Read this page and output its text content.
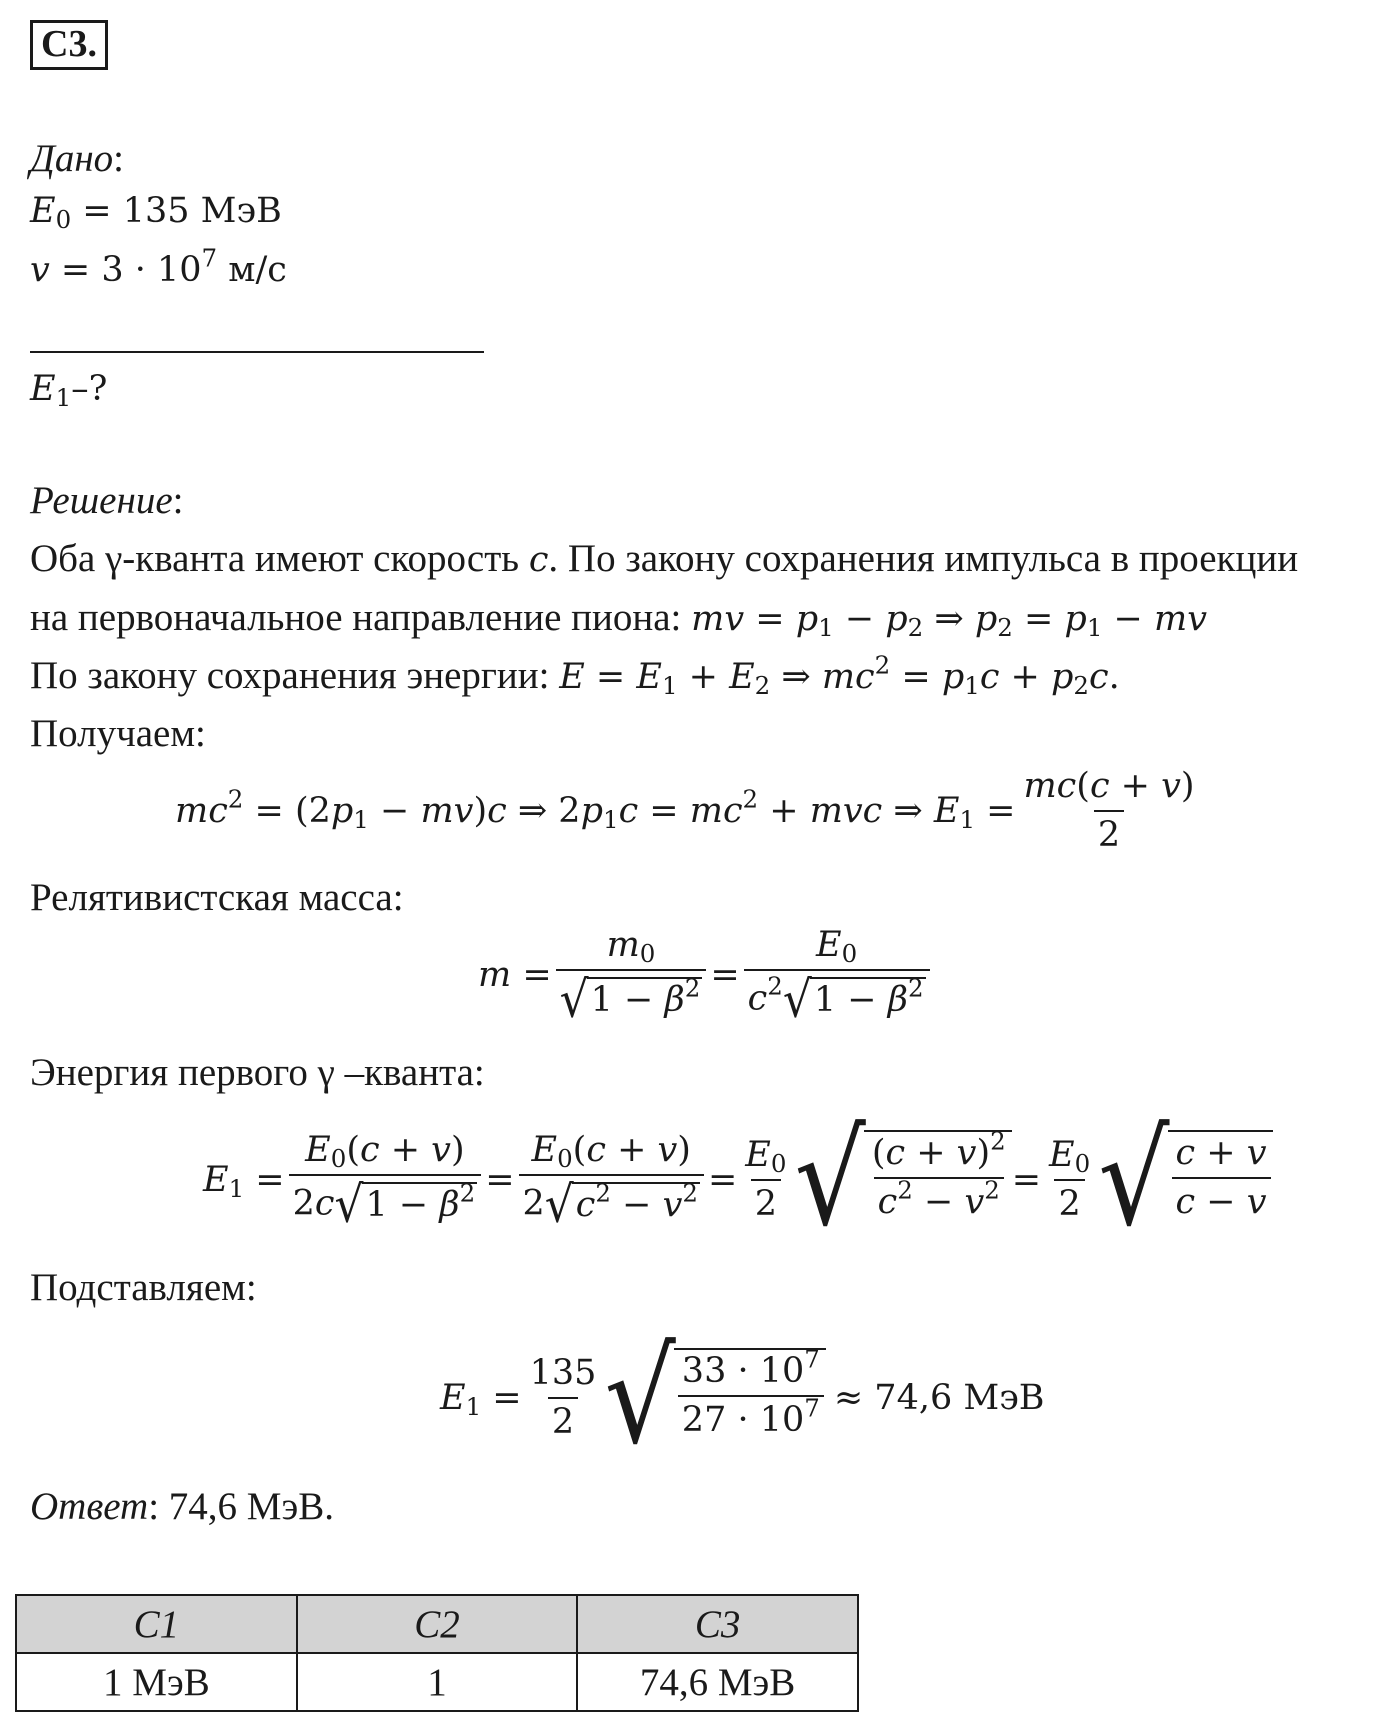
С3.
Дано:
$E_0 = 135$ МэВ
$v = 3 \cdot 10^7$ м/с
$E_1-$?
Решение:
Оба γ-кванта имеют скорость c. По закону сохранения импульса в проекции
на первоначальное направление пиона: mv = $p_1 - p_2$ ⇒ $p_2 = p_1$ − mv
По закону сохранения энергии: $E = E_1 + E_2$ ⇒ $mc^2 = p_1c + p_2c$.
Получаем:
$mc^2 = (2p_1 - mv)c$ ⇒ $2p_1c = mc^2$ + mvc ⇒ $E_1 = \frac{mc(c + v)}{2}$
Релятивистская масса:
$m = \frac{m_0}{√ 1 - \beta^2} = \frac{E_0}{c^2 √ 1 - \beta^2}$
Энергия первого γ –кванта:
$E_1 = \frac{E_0(c + v)}{2c √ 1 - \beta^2} = \frac{E_0(c + v)}{2 √ c^2 - v^2} = \frac{E_0}{2}$ √ $\frac{(c + v)^2}{c^2 - v^2} = \frac{E_0}{2}$ √ $\frac{c + v}{c - v}$
Подставляем:
$E_1 = \frac{135}{2}$ √ $\frac{33 \cdot 10^7}{27 \cdot 10^7} \approx 74,6$ МэВ
Ответ: 74,6 МэВ.
С1	С2	С3
1 МэВ	1	74,6 МэВ
